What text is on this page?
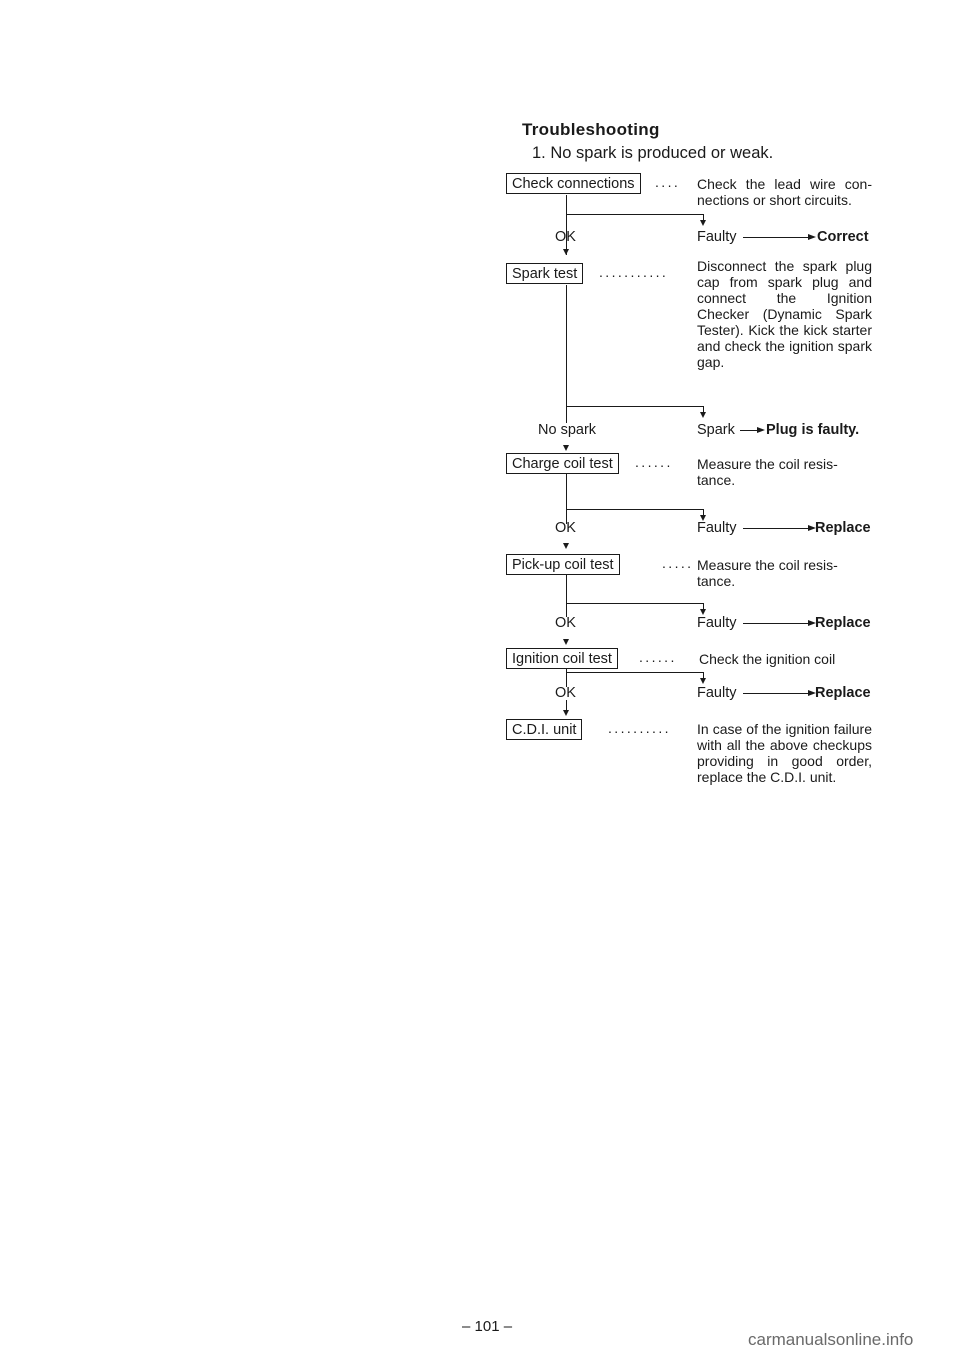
Troubleshooting
1. No spark is produced or weak.
Check connections	.... Check the lead wire con-nections or short circuits.
OK	Faulty	Correct
Spark test	........... Disconnect the spark plug cap from spark plug and connect the Ignition Checker (Dynamic Spark Tester). Kick the kick starter and check the ignition spark gap.
No spark	Spark Plug is faulty.
Charge coil test	...... Measure the coil resis-tance.
OK	Faulty	Replace
Pick-up coil test	..... Measure the coil resis-tance.
OK	Faulty	Replace
Ignition coil test	...... Check the ignition coil
OK	Faulty	Replace
C.D.I. unit	.......... In case of the ignition failure with all the above checkups providing in good order, replace the C.D.I. unit.
– 101 –
carmanualsonline.info
